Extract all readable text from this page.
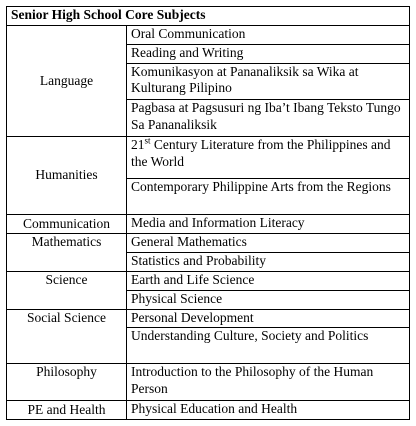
Senior High School Core Subjects	
Language	Oral Communication
	Reading and Writing
	Komunikasyon at Pananaliksik sa Wika at Kulturang Pilipino
	Pagbasa at Pagsusuri ng Iba’t Ibang Teksto Tungo Sa Pananaliksik
Humanities	21st Century Literature from the Philippines and the World
	Contemporary Philippine Arts from the Regions
Communication	Media and Information Literacy
Mathematics	General Mathematics
	Statistics and Probability
Science	Earth and Life Science
	Physical Science
Social Science	Personal Development
	Understanding Culture, Society and Politics
Philosophy	Introduction to the Philosophy of the Human Person
PE and Health	Physical Education and Health
